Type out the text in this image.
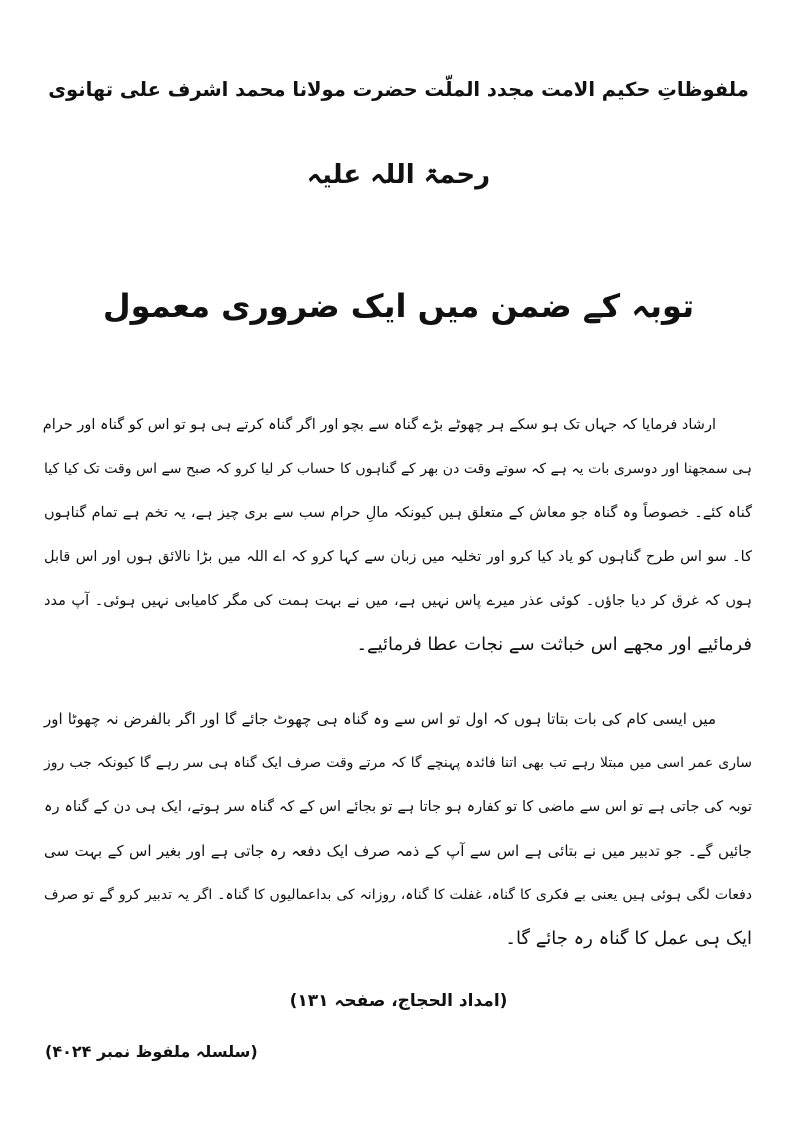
ملفوظاتِ حکیم الامت مجدد الملّت حضرت مولانا محمد اشرف علی تھانوی
رحمۃ اللہ علیہ
توبہ کے ضمن میں ایک ضروری معمول
ارشاد فرمایا کہ جہاں تک ہو سکے ہر چھوٹے بڑے گناہ سے بچو اور اگر گناہ کرتے ہی ہو تو اس کو گناہ اور حرام
ہی سمجھنا اور دوسری بات یہ ہے کہ سوتے وقت دن بھر کے گناہوں کا حساب کر لیا کرو کہ صبح سے اس وقت تک کیا کیا
گناہ کئے۔ خصوصاً وہ گناہ جو معاش کے متعلق ہیں کیونکہ مالِ حرام سب سے بری چیز ہے، یہ تخم ہے تمام گناہوں
کا۔ سو اس طرح گناہوں کو یاد کیا کرو اور تخلیہ میں زبان سے کہا کرو کہ اے اللہ میں بڑا نالائق ہوں اور اس قابل
ہوں کہ غرق کر دیا جاؤں۔ کوئی عذر میرے پاس نہیں ہے، میں نے بہت ہمت کی مگر کامیابی نہیں ہوئی۔ آپ مدد
فرمائیے اور مجھے اس خباثت سے نجات عطا فرمائیے۔
میں ایسی کام کی بات بتاتا ہوں کہ اول تو اس سے وہ گناہ ہی چھوٹ جائے گا اور اگر بالفرض نہ چھوٹا اور
ساری عمر اسی میں مبتلا رہے تب بھی اتنا فائدہ پہنچے گا کہ مرتے وقت صرف ایک گناہ ہی سر رہے گا کیونکہ جب روز
توبہ کی جاتی ہے تو اس سے ماضی کا تو کفارہ ہو جاتا ہے تو بجائے اس کے کہ گناہ سر ہوتے، ایک ہی دن کے گناہ رہ
جائیں گے۔ جو تدبیر میں نے بتائی ہے اس سے آپ کے ذمہ صرف ایک دفعہ رہ جاتی ہے اور بغیر اس کے بہت سی
دفعات لگی ہوئی ہیں یعنی بے فکری کا گناہ، غفلت کا گناہ، روزانہ کی بداعمالیوں کا گناہ۔ اگر یہ تدبیر کرو گے تو صرف
ایک ہی عمل کا گناہ رہ جائے گا۔
(امداد الحجاج، صفحہ ۱۳۱)
(سلسلہ ملفوظ نمبر ۴۰۲۴)
